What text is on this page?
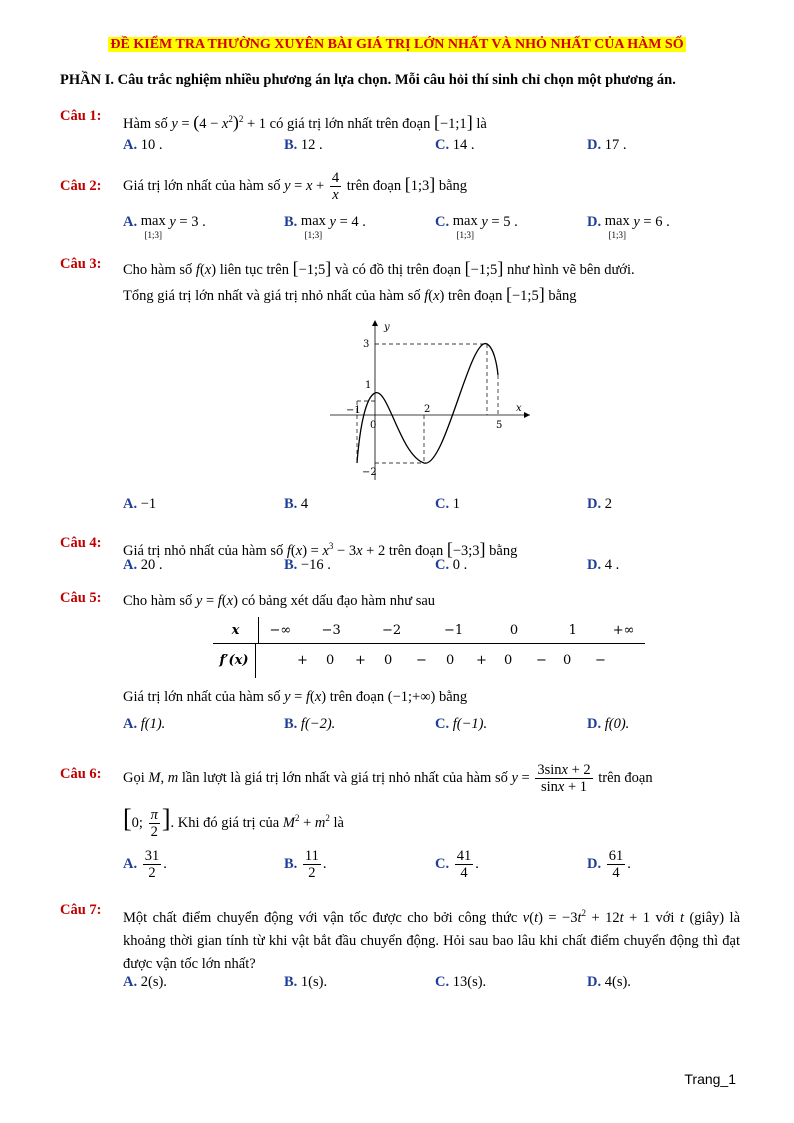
ĐỀ KIỂM TRA THƯỜNG XUYÊN BÀI GIÁ TRỊ LỚN NHẤT VÀ NHỎ NHẤT CỦA HÀM SỐ
PHẦN I. Câu trắc nghiệm nhiều phương án lựa chọn. Mỗi câu hỏi thí sinh chỉ chọn một phương án.
Câu 1: Hàm số $y = (4 - x^2)^2 + 1$ có giá trị lớn nhất trên đoạn [−1;1] là
A. 10 .	B. 12 .	C. 14 .	D. 17 .
Câu 2: Giá trị lớn nhất của hàm số $y = x + \frac{4}{x}$ trên đoạn [1;3] bằng
A. max
[1;3]
y = 3 .	B. max
[1;3]
y = 4 .	C. max
[1;3]
y = 5 .	D. max
[1;3]
y = 6 .
Câu 3: Cho hàm số f(x) liên tục trên [−1;5] và có đồ thị trên đoạn [−1;5] như hình vẽ bên dưới.
Tổng giá trị lớn nhất và giá trị nhỏ nhất của hàm số f(x) trên đoạn [−1;5] bằng
y
x
3
1
−1
0
2
5
−2
A. −1	B. 4	C. 1	D. 2
Câu 4: Giá trị nhỏ nhất của hàm số $f(x) = x^3 - 3x + 2$ trên đoạn [−3;3] bằng
A. 20 .	B. −16 .	C. 0 .	D. 4 .
Câu 5: Cho hàm số y = f(x) có bảng xét dấu đạo hàm như sau
x	−∞	−3	−2	−1	0	1	+∞
f′(x)	+ 0 + 0 − 0 + 0 − 0 −
Giá trị lớn nhất của hàm số y = f(x) trên đoạn (−1;+∞) bằng
A. f(1).	B. f(−2).	C. f(−1).	D. f(0).
Câu 6: Gọi M, m lần lượt là giá trị lớn nhất và giá trị nhỏ nhất của hàm số $y = \frac{3\sin x + 2}{\sin x + 1}$ trên đoạn
[0; $\frac{\pi}{2}$ ]. Khi đó giá trị của $M^2 + m^2$ là
A. $\frac{31}{2}$ .	B. $\frac{11}{2}$ .	C. $\frac{41}{4}$ .	D. $\frac{61}{4}$ .
Câu 7: Một chất điểm chuyển động với vận tốc được cho bởi công thức $v(t) = -3t^2 + 12t + 1$ với t (giây) là khoảng thời gian tính từ khi vật bắt đầu chuyển động. Hỏi sau bao lâu khi chất điểm chuyển động thì đạt được vận tốc lớn nhất?
A. 2(s).	B. 1(s).	C. 13(s).	D. 4(s).
Trang_1
